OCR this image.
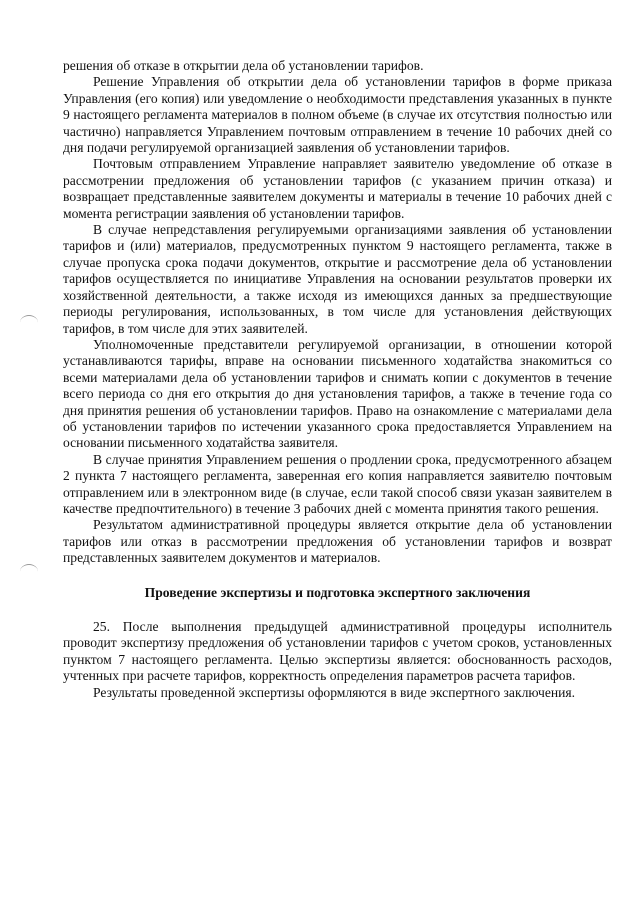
решения об отказе в открытии дела об установлении тарифов.

Решение Управления об открытии дела об установлении тарифов в форме приказа Управления (его копия) или уведомление о необходимости представления указанных в пункте 9 настоящего регламента материалов в полном объеме (в случае их отсутствия полностью или частично) направляется Управлением почтовым отправлением в течение 10 рабочих дней со дня подачи регулируемой организацией заявления об установлении тарифов.

Почтовым отправлением Управление направляет заявителю уведомление об отказе в рассмотрении предложения об установлении тарифов (с указанием причин отказа) и возвращает представленные заявителем документы и материалы в течение 10 рабочих дней с момента регистрации заявления об установлении тарифов.

В случае непредставления регулируемыми организациями заявления об установлении тарифов и (или) материалов, предусмотренных пунктом 9 настоящего регламента, также в случае пропуска срока подачи документов, открытие и рассмотрение дела об установлении тарифов осуществляется по инициативе Управления на основании результатов проверки их хозяйственной деятельности, а также исходя из имеющихся данных за предшествующие периоды регулирования, использованных, в том числе для установления действующих тарифов, в том числе для этих заявителей.

Уполномоченные представители регулируемой организации, в отношении которой устанавливаются тарифы, вправе на основании письменного ходатайства знакомиться со всеми материалами дела об установлении тарифов и снимать копии с документов в течение всего периода со дня его открытия до дня установления тарифов, а также в течение года со дня принятия решения об установлении тарифов. Право на ознакомление с материалами дела об установлении тарифов по истечении указанного срока предоставляется Управлением на основании письменного ходатайства заявителя.

В случае принятия Управлением решения о продлении срока, предусмотренного абзацем 2 пункта 7 настоящего регламента, заверенная его копия направляется заявителю почтовым отправлением или в электронном виде (в случае, если такой способ связи указан заявителем в качестве предпочтительного) в течение 3 рабочих дней с момента принятия такого решения.

Результатом административной процедуры является открытие дела об установлении тарифов или отказ в рассмотрении предложения об установлении тарифов и возврат представленных заявителем документов и материалов.

Проведение экспертизы и подготовка экспертного заключения

25. После выполнения предыдущей административной процедуры исполнитель проводит экспертизу предложения об установлении тарифов с учетом сроков, установленных пунктом 7 настоящего регламента. Целью экспертизы является: обоснованность расходов, учтенных при расчете тарифов, корректность определения параметров расчета тарифов.

Результаты проведенной экспертизы оформляются в виде экспертного заключения.
